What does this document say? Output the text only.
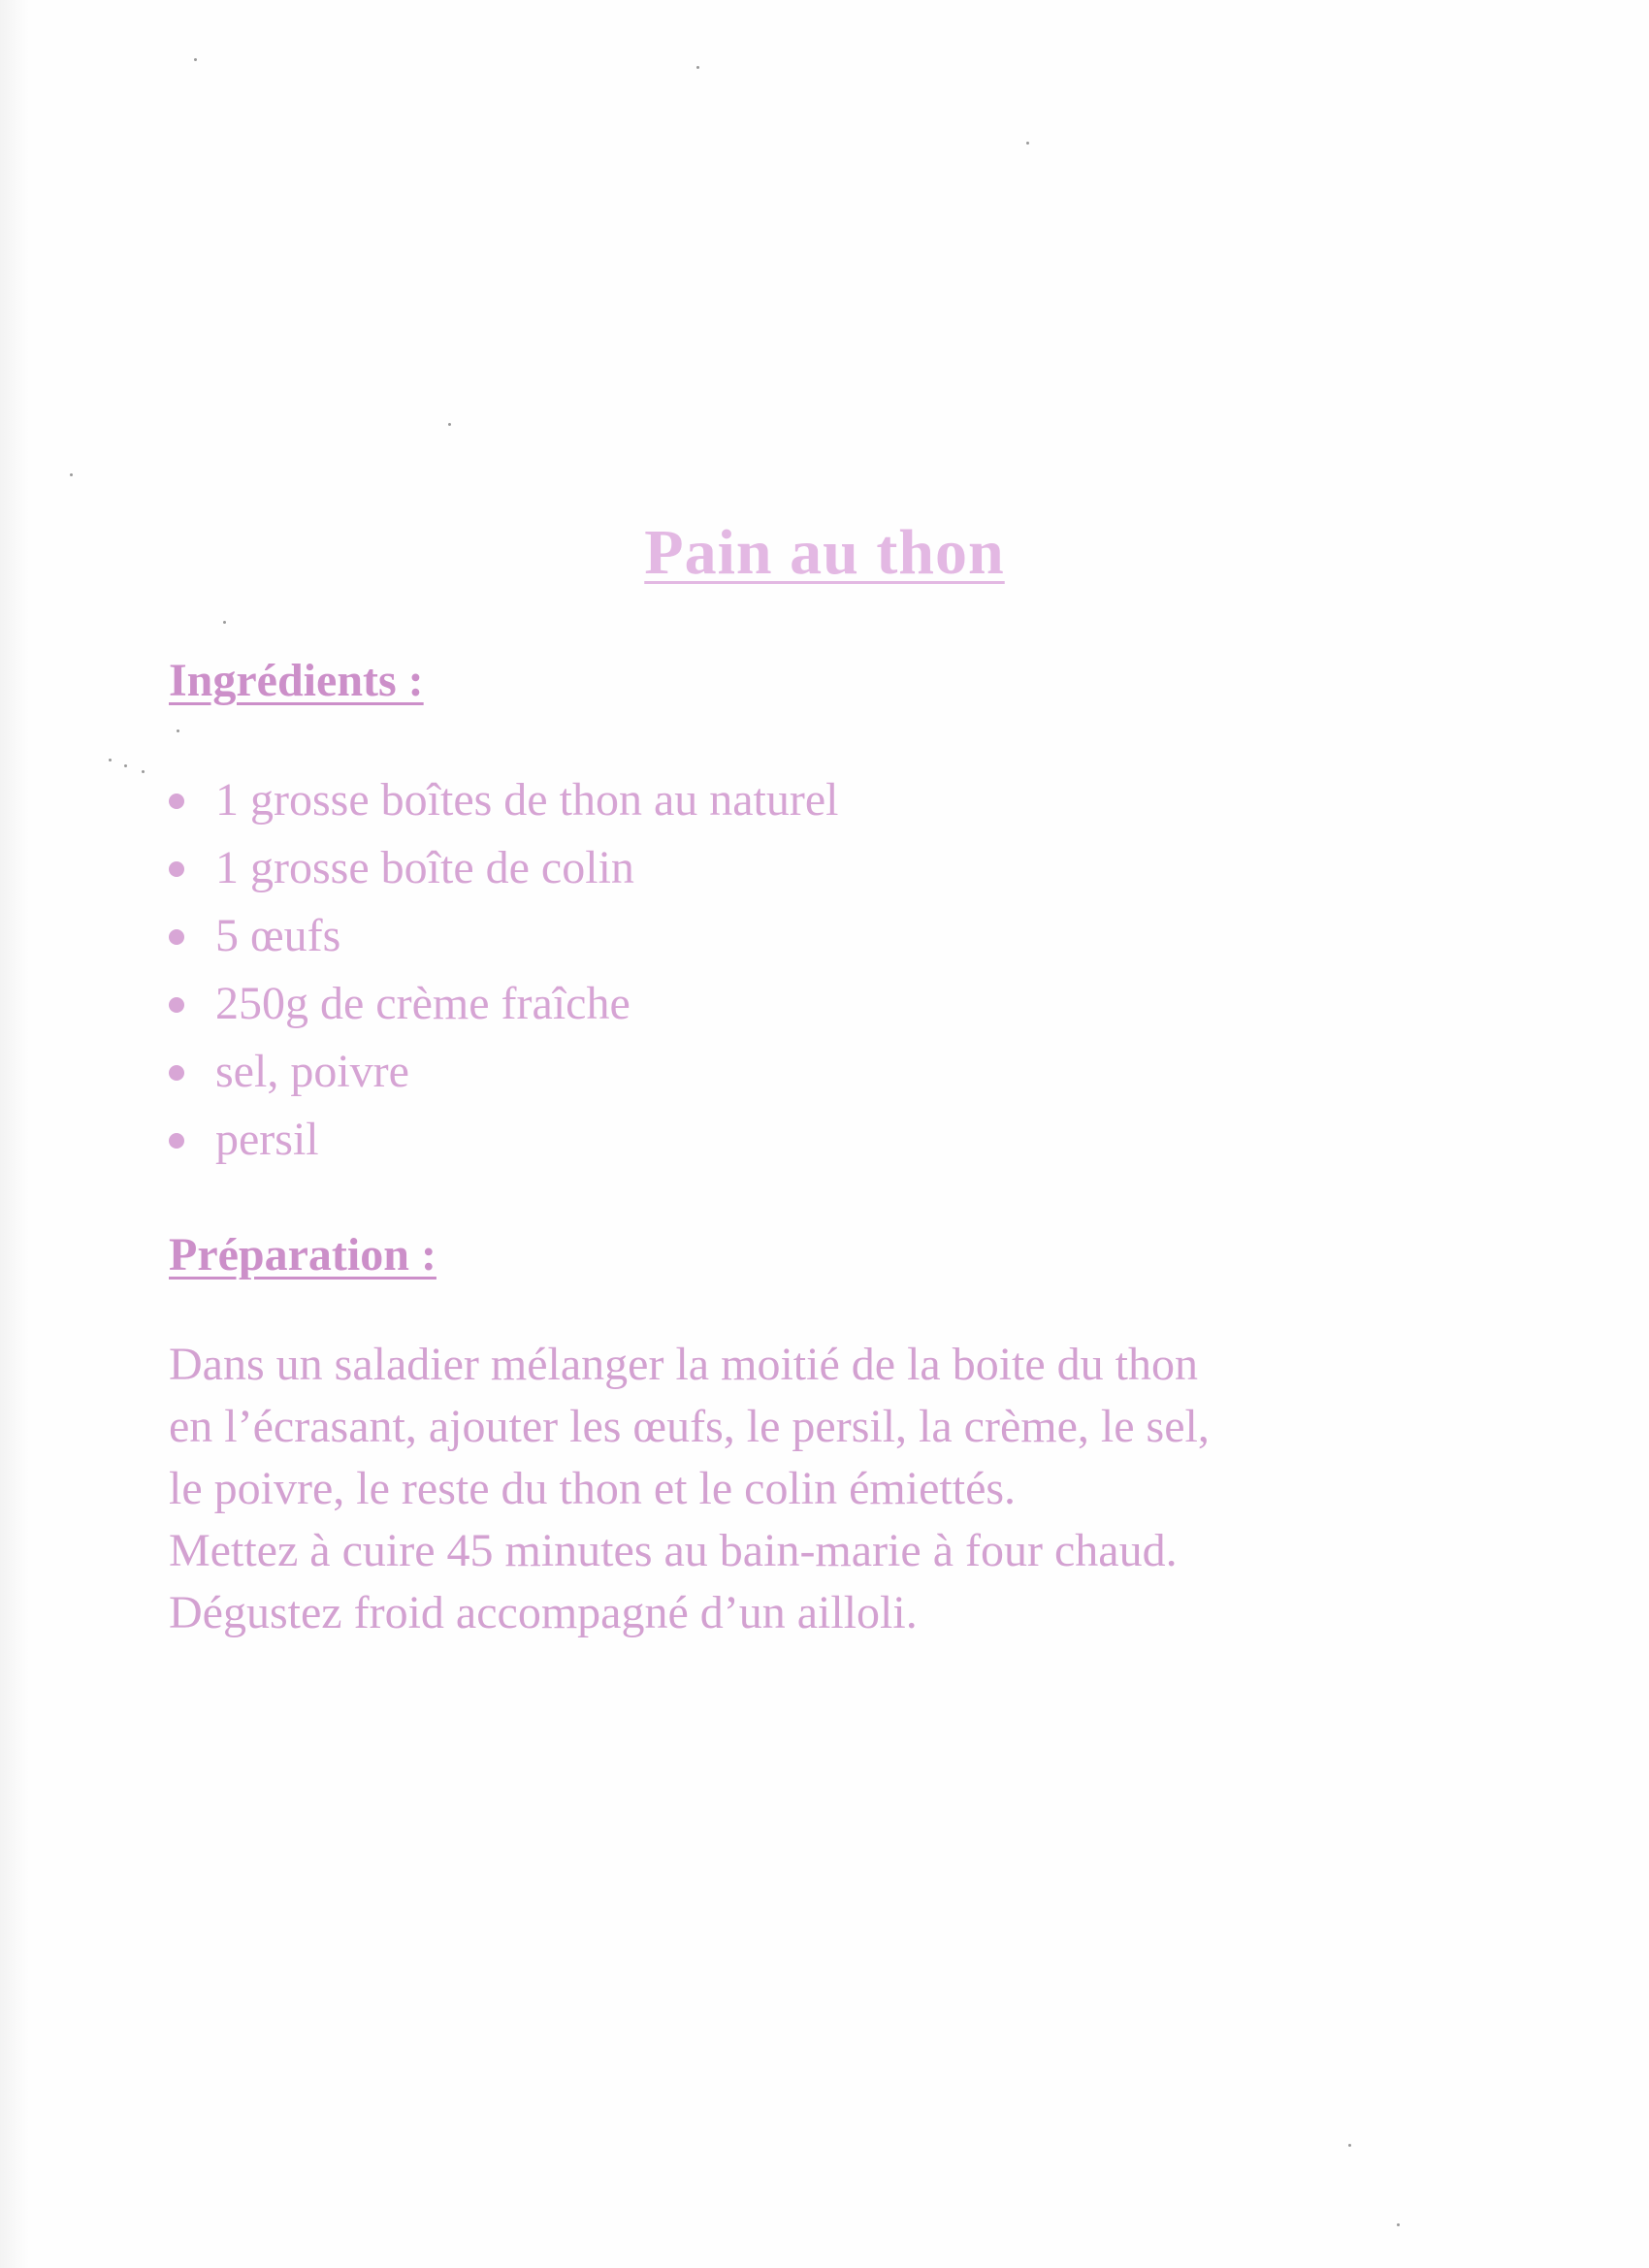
Pain au thon
Ingrédients :
1 grosse boîtes de thon au naturel
1 grosse boîte de colin
5 œufs
250g de crème fraîche
sel, poivre
persil
Préparation :
Dans un saladier mélanger la moitié de la boite du thon
en l’écrasant, ajouter les œufs, le persil, la crème, le sel,
le poivre, le reste du thon et le colin émiettés.
Mettez à cuire 45 minutes au bain-marie à four chaud.
Dégustez froid accompagné d’un ailloli.
